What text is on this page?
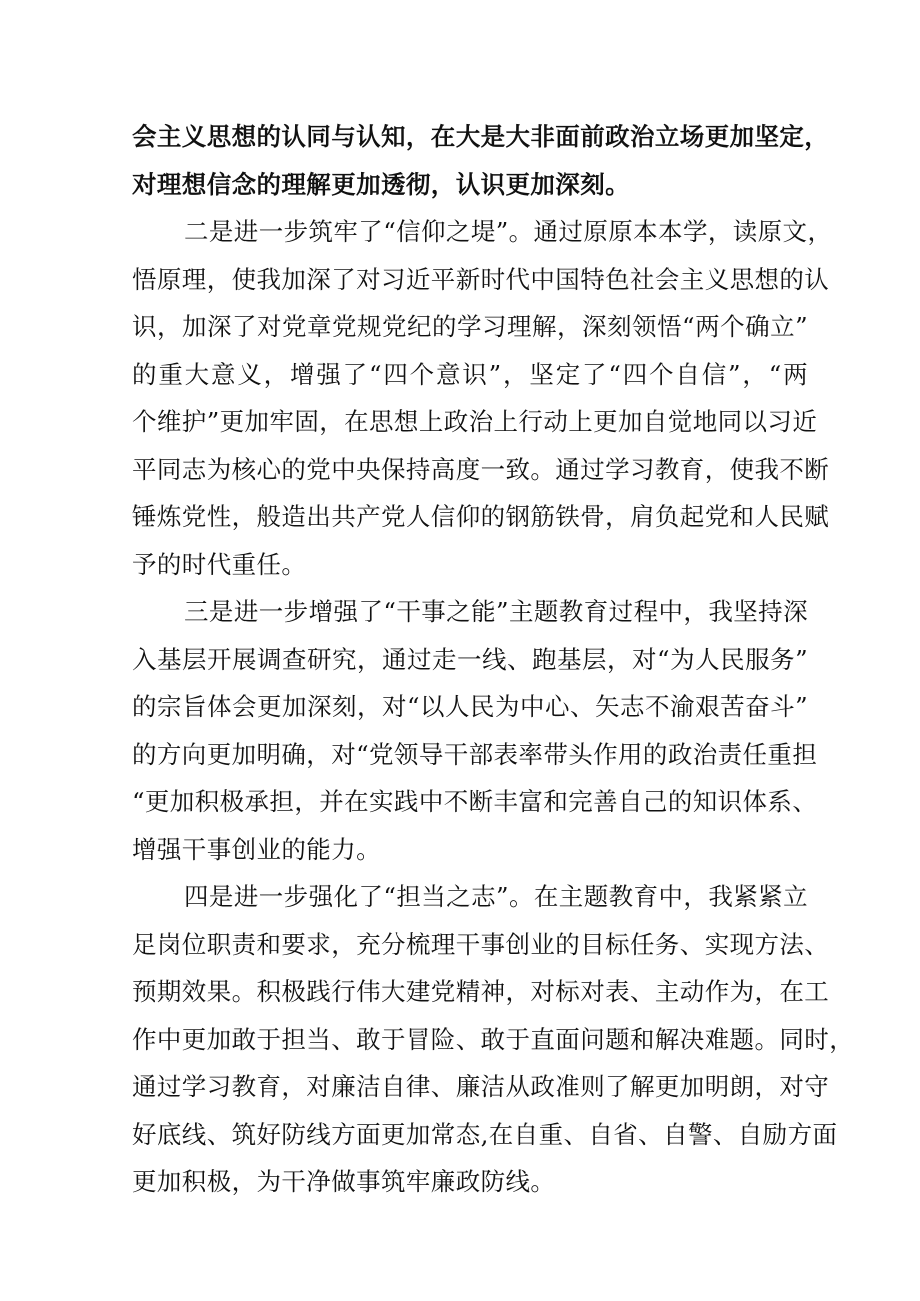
会主义思想的认同与认知，在大是大非面前政治立场更加坚定，
对理想信念的理解更加透彻，认识更加深刻。
二是进一步筑牢了“信仰之堤”。通过原原本本学，读原文，
悟原理，使我加深了对习近平新时代中国特色社会主义思想的认
识，加深了对党章党规党纪的学习理解，深刻领悟“两个确立”
的重大意义，增强了“四个意识”，坚定了“四个自信”，“两
个维护”更加牢固，在思想上政治上行动上更加自觉地同以习近
平同志为核心的党中央保持高度一致。通过学习教育，使我不断
锤炼党性，般造出共产党人信仰的钢筋铁骨，肩负起党和人民赋
予的时代重任。
三是进一步增强了“干事之能”主题教育过程中，我坚持深
入基层开展调查研究，通过走一线、跑基层，对“为人民服务”
的宗旨体会更加深刻，对“以人民为中心、矢志不渝艰苦奋斗”
的方向更加明确，对“党领导干部表率带头作用的政治责任重担
“更加积极承担，并在实践中不断丰富和完善自己的知识体系、
增强干事创业的能力。
四是进一步强化了“担当之志”。在主题教育中，我紧紧立
足岗位职责和要求，充分梳理干事创业的目标任务、实现方法、
预期效果。积极践行伟大建党精神，对标对表、主动作为，在工
作中更加敢于担当、敢于冒险、敢于直面问题和解决难题。同时，
通过学习教育，对廉洁自律、廉洁从政准则了解更加明朗，对守
好底线、筑好防线方面更加常态,在自重、自省、自警、自励方面
更加积极，为干净做事筑牢廉政防线。
